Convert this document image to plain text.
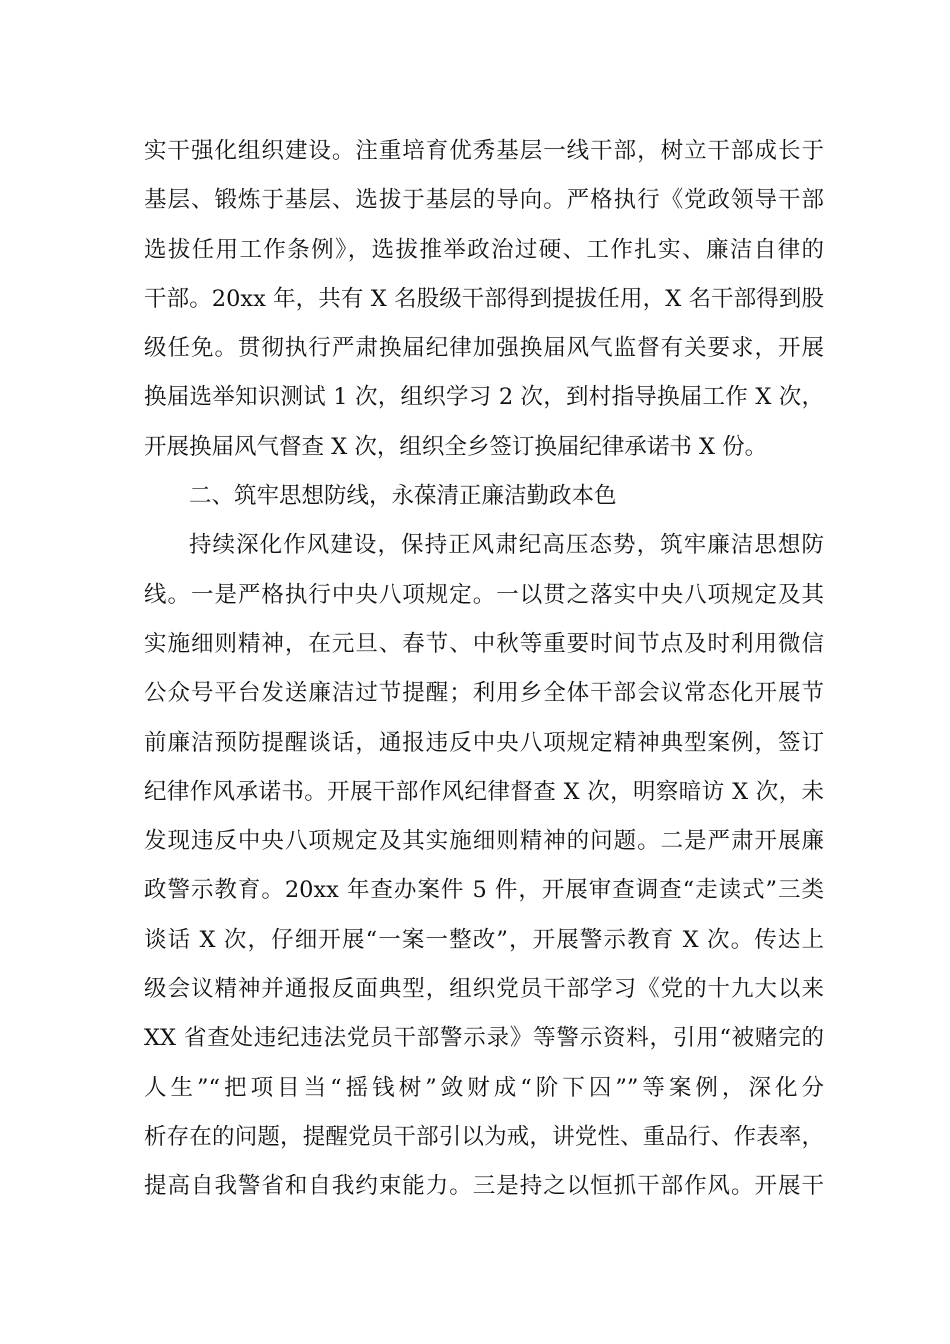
实干强化组织建设。注重培育优秀基层一线干部，树立干部成长于
基层、锻炼于基层、选拔于基层的导向。严格执行《党政领导干部
选拔任用工作条例》，选拔推举政治过硬、工作扎实、廉洁自律的
干部。20xx 年，共有 X 名股级干部得到提拔任用，X 名干部得到股
级任免。贯彻执行严肃换届纪律加强换届风气监督有关要求，开展
换届选举知识测试 1 次，组织学习 2 次，到村指导换届工作 X 次，
开展换届风气督查 X 次，组织全乡签订换届纪律承诺书 X 份。
二、筑牢思想防线，永葆清正廉洁勤政本色
持续深化作风建设，保持正风肃纪高压态势，筑牢廉洁思想防
线。一是严格执行中央八项规定。一以贯之落实中央八项规定及其
实施细则精神，在元旦、春节、中秋等重要时间节点及时利用微信
公众号平台发送廉洁过节提醒；利用乡全体干部会议常态化开展节
前廉洁预防提醒谈话，通报违反中央八项规定精神典型案例，签订
纪律作风承诺书。开展干部作风纪律督查 X 次，明察暗访 X 次，未
发现违反中央八项规定及其实施细则精神的问题。二是严肃开展廉
政警示教育。20xx 年查办案件 5 件，开展审查调查“走读式”三类
谈话 X 次，仔细开展“一案一整改”，开展警示教育 X 次。传达上
级会议精神并通报反面典型，组织党员干部学习《党的十九大以来
XX 省查处违纪违法党员干部警示录》等警示资料，引用“被赌完的
人生”“把项目当“摇钱树”敛财成“阶下囚””等案例，深化分
析存在的问题，提醒党员干部引以为戒，讲党性、重品行、作表率，
提高自我警省和自我约束能力。三是持之以恒抓干部作风。开展干
